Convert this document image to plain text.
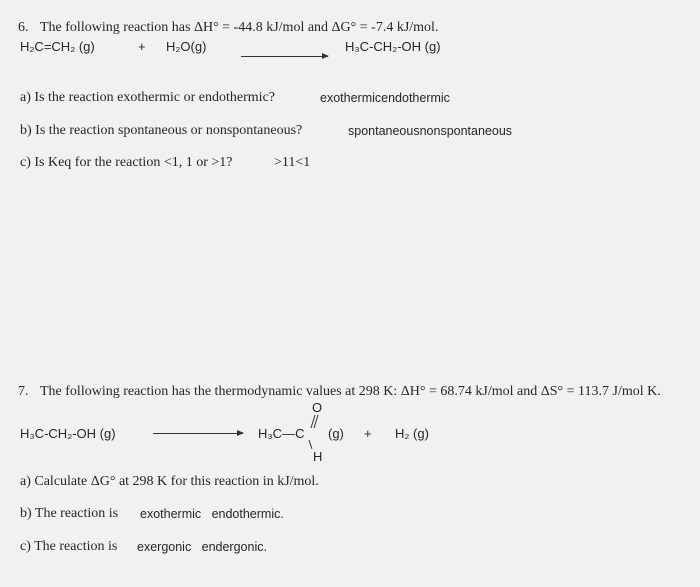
6. The following reaction has ΔH° = -44.8 kJ/mol and ΔG° = -7.4 kJ/mol.
H₂C=CH₂ (g)	+ H₂O(g)	H₃C-CH₂-OH (g)
a) Is the reaction exothermic or endothermic?	exothermicendothermic
b) Is the reaction spontaneous or nonspontaneous?	spontaneousnonspontaneous
c) Is Keq for the reaction <1, 1 or >1?	>11<1
7. The following reaction has the thermodynamic values at 298 K: ΔH° = 68.74 kJ/mol and ΔS° = 113.7 J/mol K.
H₃C-CH₂-OH (g)
O
H₃C—C
H
(g) + H₂ (g)
a) Calculate ΔG° at 298 K for this reaction in kJ/mol.
b) The reaction is exothermic endothermic.
c) The reaction is exergonic endergonic.
